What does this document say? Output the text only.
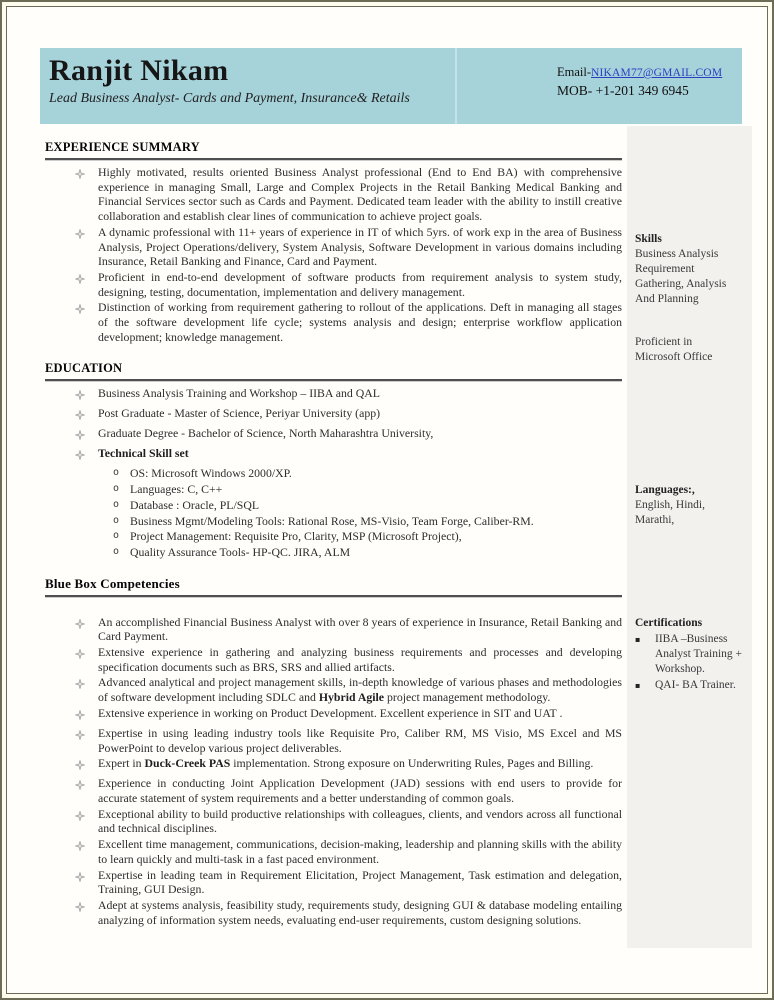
Ranjit Nikam
Lead Business Analyst- Cards and Payment, Insurance& Retails
Email-NIKAM77@GMAIL.COM
MOB- +1-201 349 6945
Skills
Business Analysis
Requirement
Gathering, Analysis
And Planning
Proficient in
Microsoft Office
Languages:,
English, Hindi,
Marathi,
Certifications
▪	IIBA –Business Analyst Training + Workshop.
▪	QAI- BA Trainer.
EXPERIENCE SUMMARY
Highly motivated, results oriented Business Analyst professional (End to End BA) with comprehensive experience in managing Small, Large and Complex Projects in the Retail Banking Medical Banking and Financial Services sector such as Cards and Payment. Dedicated team leader with the ability to instill creative collaboration and establish clear lines of communication to achieve project goals.
A dynamic professional with 11+ years of experience in IT of which 5yrs. of work exp in the area of Business Analysis, Project Operations/delivery, System Analysis, Software Development in various domains including Insurance, Retail Banking and Finance, Card and Payment.
Proficient in end-to-end development of software products from requirement analysis to system study, designing, testing, documentation, implementation and delivery management.
Distinction of working from requirement gathering to rollout of the applications. Deft in managing all stages of the software development life cycle; systems analysis and design; enterprise workflow application development; knowledge management.
EDUCATION
Business Analysis Training and Workshop – IIBA and QAL
Post Graduate - Master of Science, Periyar University (app)
Graduate Degree - Bachelor of Science, North Maharashtra University,
Technical Skill set
o OS: Microsoft Windows 2000/XP.
o Languages: C, C++
o Database : Oracle, PL/SQL
o Business Mgmt/Modeling Tools: Rational Rose, MS-Visio, Team Forge, Caliber-RM.
o Project Management: Requisite Pro, Clarity, MSP (Microsoft Project),
o Quality Assurance Tools- HP-QC. JIRA, ALM
Blue Box Competencies
An accomplished Financial Business Analyst with over 8 years of experience in Insurance, Retail Banking and Card Payment.
Extensive experience in gathering and analyzing business requirements and processes and developing specification documents such as BRS, SRS and allied artifacts.
Advanced analytical and project management skills, in-depth knowledge of various phases and methodologies of software development including SDLC and Hybrid Agile project management methodology.
Extensive experience in working on Product Development. Excellent experience in SIT and UAT .
Expertise in using leading industry tools like Requisite Pro, Caliber RM, MS Visio, MS Excel and MS PowerPoint to develop various project deliverables.
Expert in Duck-Creek PAS implementation. Strong exposure on Underwriting Rules, Pages and Billing.
Experience in conducting Joint Application Development (JAD) sessions with end users to provide for accurate statement of system requirements and a better understanding of common goals.
Exceptional ability to build productive relationships with colleagues, clients, and vendors across all functional and technical disciplines.
Excellent time management, communications, decision-making, leadership and planning skills with the ability to learn quickly and multi-task in a fast paced environment.
Expertise in leading team in Requirement Elicitation, Project Management, Task estimation and delegation, Training, GUI Design.
Adept at systems analysis, feasibility study, requirements study, designing GUI & database modeling entailing analyzing of information system needs, evaluating end-user requirements, custom designing solutions.
